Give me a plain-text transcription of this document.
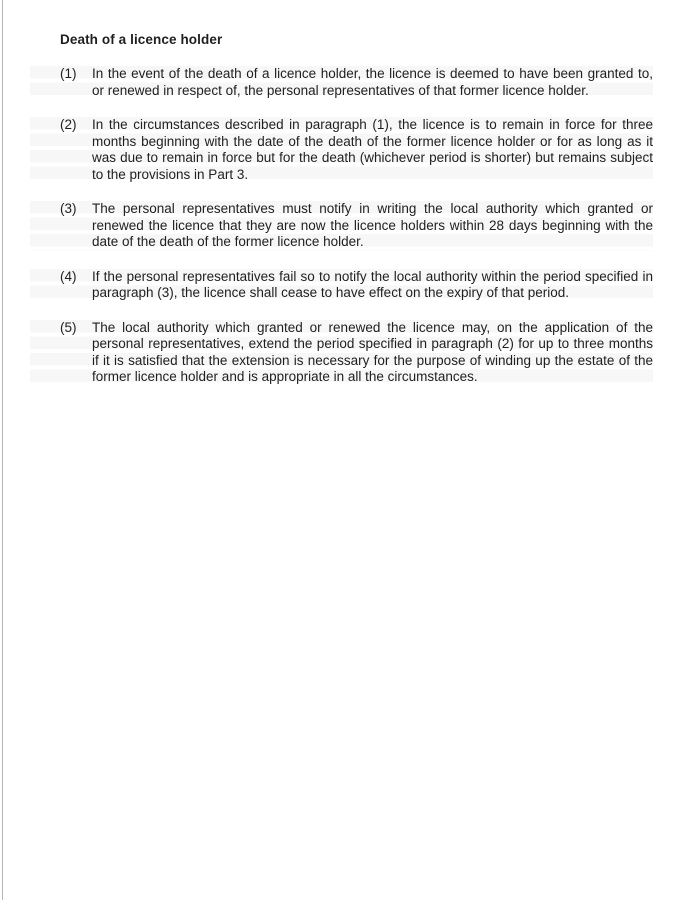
Death of a licence holder
(1)	In the event of the death of a licence holder, the licence is deemed to have been granted to, or renewed in respect of, the personal representatives of that former licence holder.
(2)	In the circumstances described in paragraph (1), the licence is to remain in force for three months beginning with the date of the death of the former licence holder or for as long as it was due to remain in force but for the death (whichever period is shorter) but remains subject to the provisions in Part 3.
(3)	The personal representatives must notify in writing the local authority which granted or renewed the licence that they are now the licence holders within 28 days beginning with the date of the death of the former licence holder.
(4)	If the personal representatives fail so to notify the local authority within the period specified in paragraph (3), the licence shall cease to have effect on the expiry of that period.
(5)	The local authority which granted or renewed the licence may, on the application of the personal representatives, extend the period specified in paragraph (2) for up to three months if it is satisfied that the extension is necessary for the purpose of winding up the estate of the former licence holder and is appropriate in all the circumstances.
